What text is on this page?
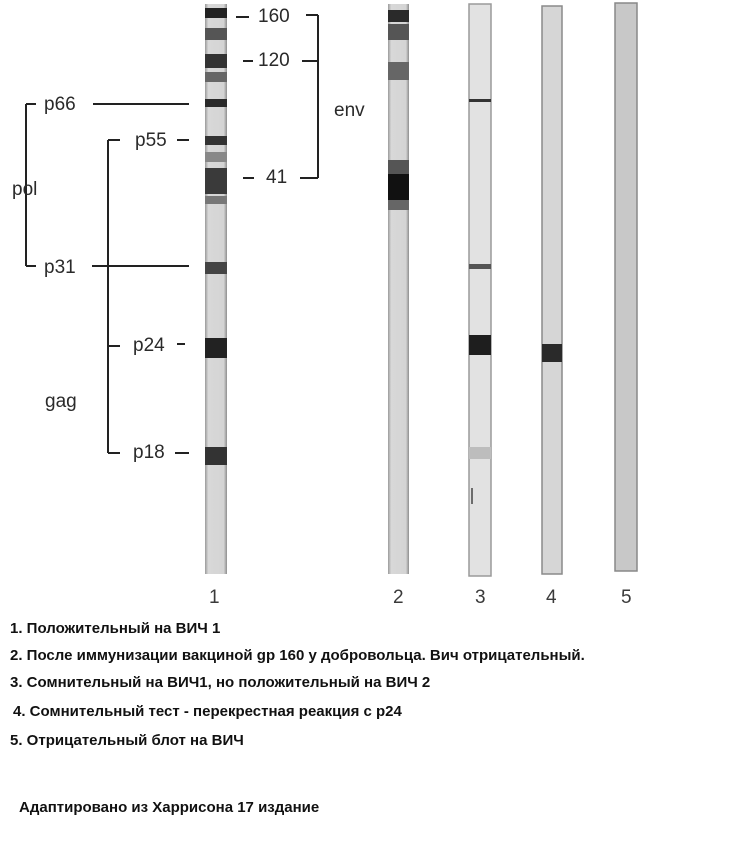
160
120
41
env
p66
p55
pol
p31
p24
gag
p18
1	2	3	4	5
1. Положительный на ВИЧ 1
2. После иммунизации вакциной gp 160 у добровольца. Вич отрицательный.
3. Сомнительный на ВИЧ1, но положительный на ВИЧ 2
4. Сомнительный тест - перекрестная реакция с p24
5. Отрицательный блот на ВИЧ
Адаптировано из Харрисона 17 издание
